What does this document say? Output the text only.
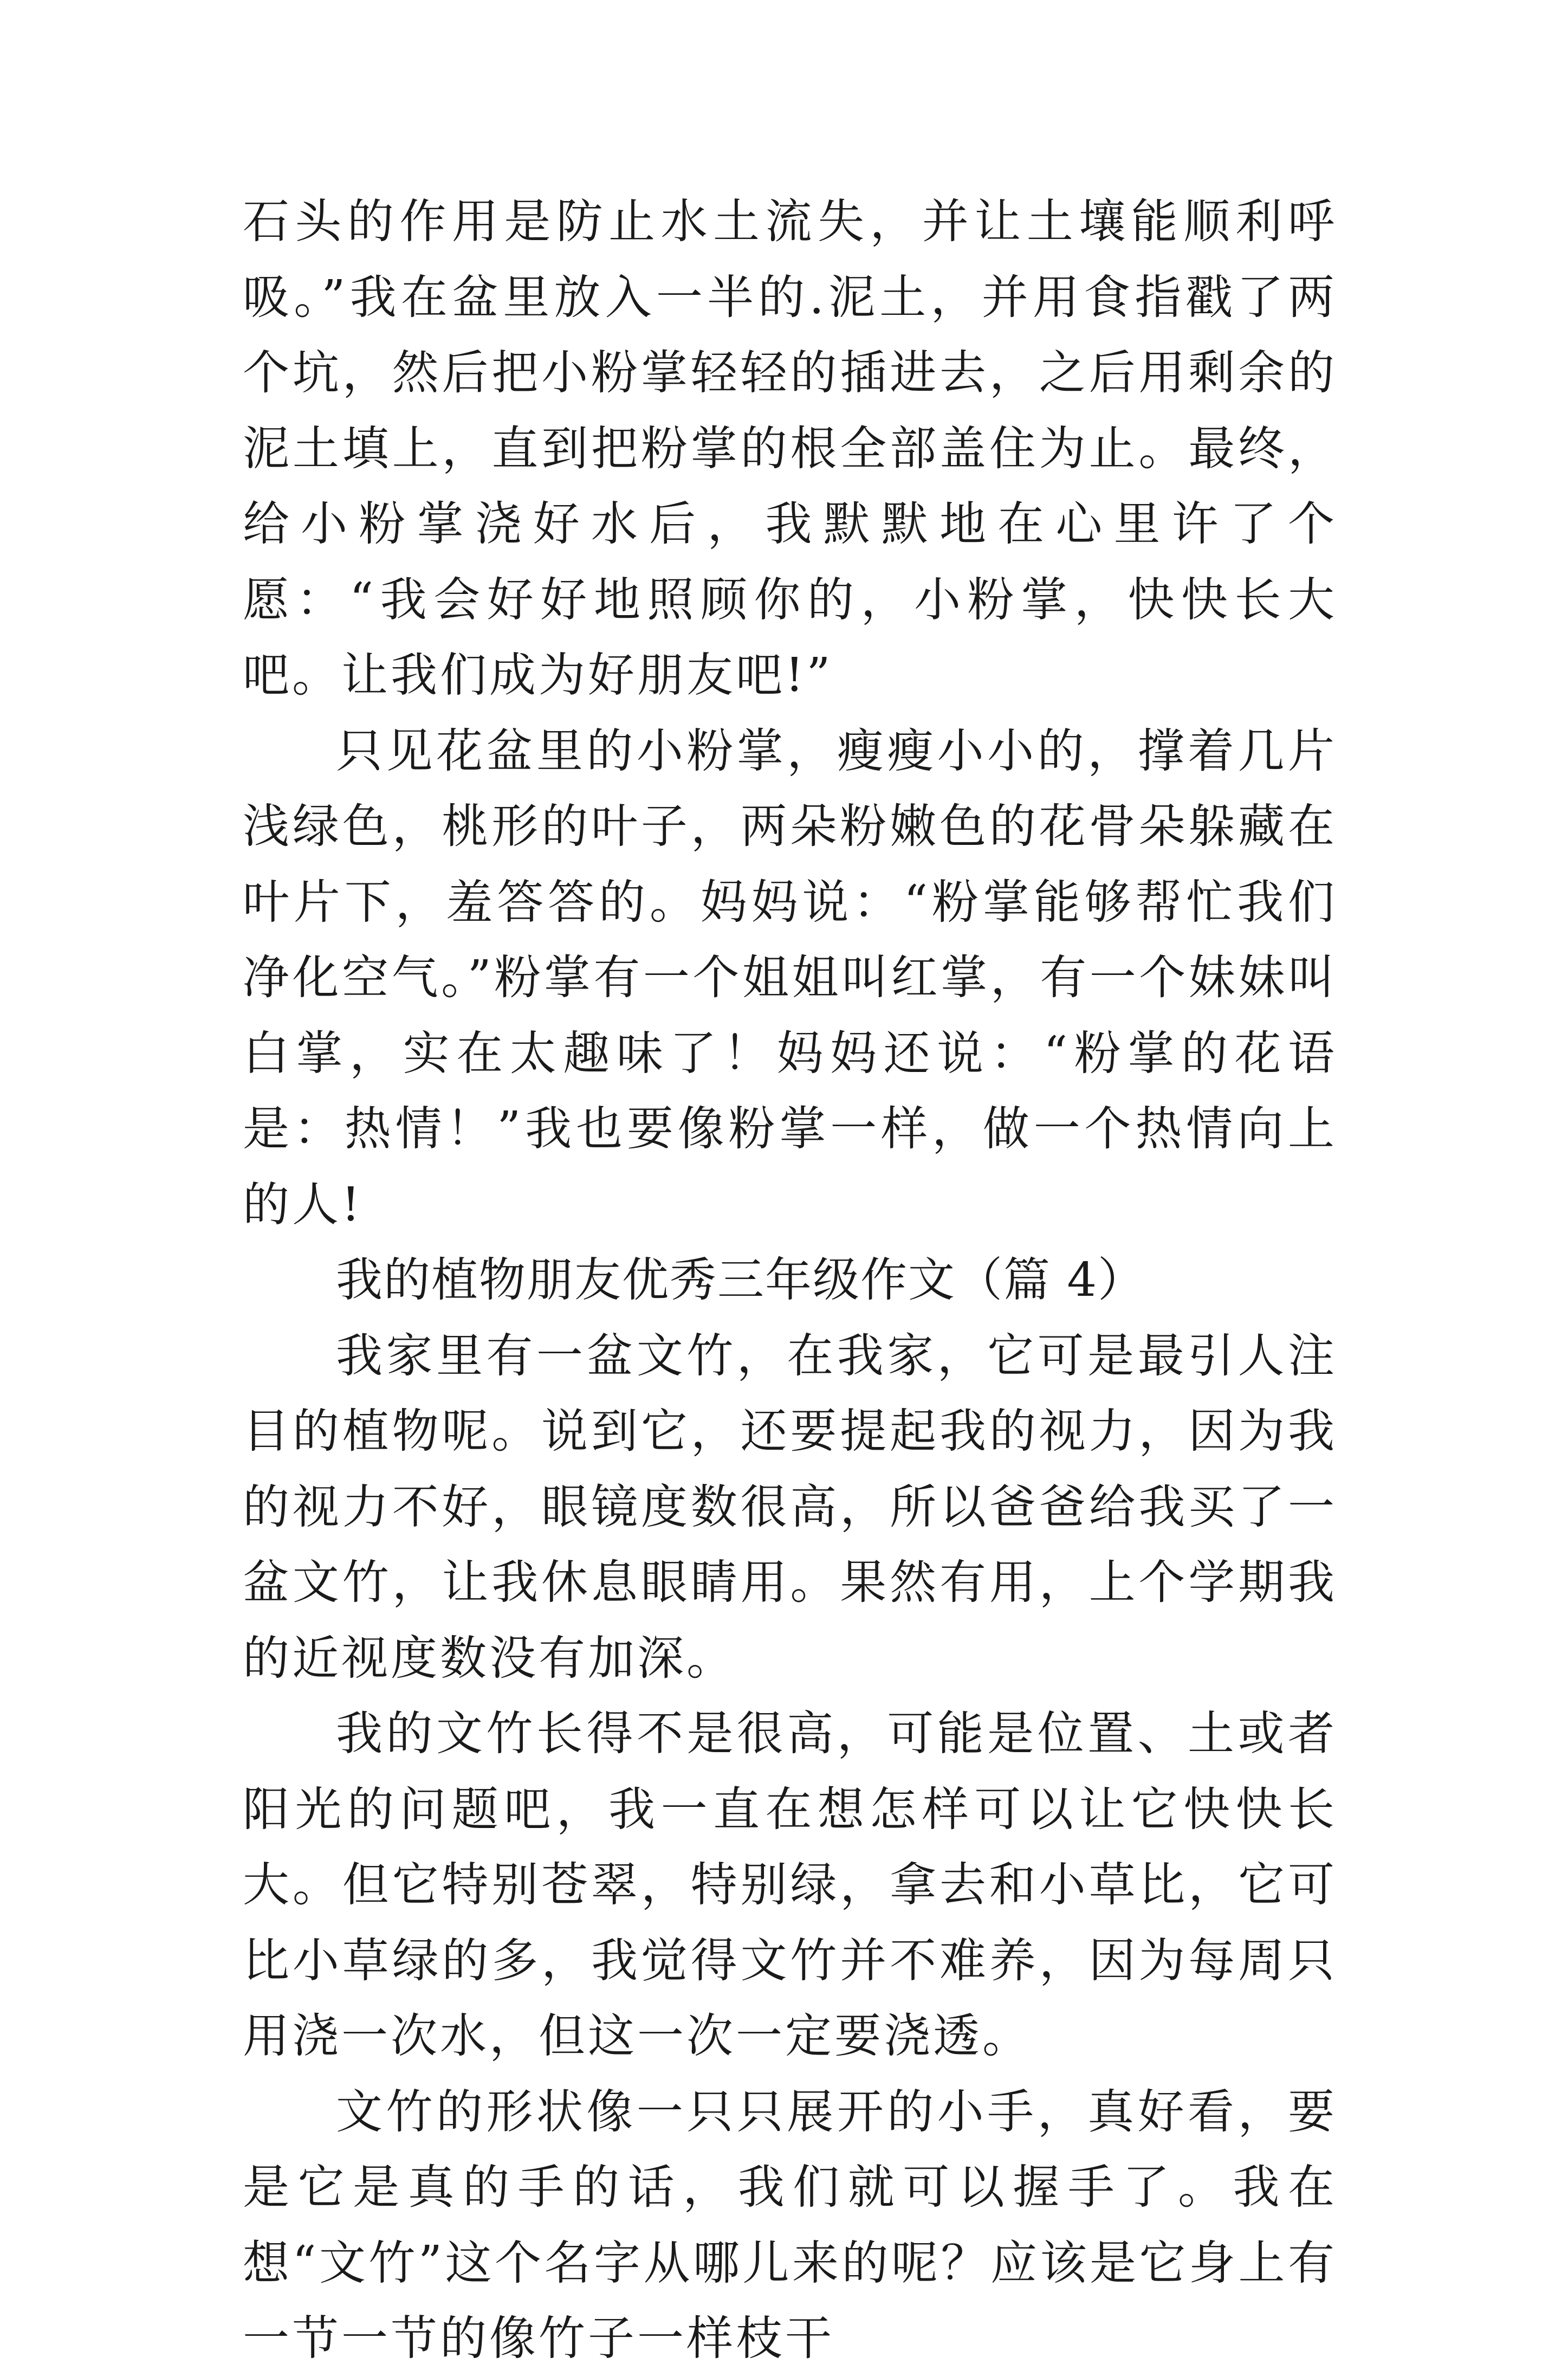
石头的作用是防止水土流失，并让土壤能顺利呼吸。”我在盆里放入一半的.泥土，并用食指戳了两个坑，然后把小粉掌轻轻的插进去，之后用剩余的泥土填上，直到把粉掌的根全部盖住为止。最终，给小粉掌浇好水后，我默默地在心里许了个愿：“我会好好地照顾你的，小粉掌，快快长大吧。让我们成为好朋友吧!”

只见花盆里的小粉掌，瘦瘦小小的，撑着几片浅绿色，桃形的叶子，两朵粉嫩色的花骨朵躲藏在叶片下，羞答答的。妈妈说：“粉掌能够帮忙我们净化空气。”粉掌有一个姐姐叫红掌，有一个妹妹叫白掌，实在太趣味了！妈妈还说：“粉掌的花语是：热情！”我也要像粉掌一样，做一个热情向上的人!

我的植物朋友优秀三年级作文（篇 4）

我家里有一盆文竹，在我家，它可是最引人注目的植物呢。说到它，还要提起我的视力，因为我的视力不好，眼镜度数很高，所以爸爸给我买了一盆文竹，让我休息眼睛用。果然有用，上个学期我的近视度数没有加深。

我的文竹长得不是很高，可能是位置、土或者阳光的问题吧，我一直在想怎样可以让它快快长大。但它特别苍翠，特别绿，拿去和小草比，它可比小草绿的多，我觉得文竹并不难养，因为每周只用浇一次水，但这一次一定要浇透。

文竹的形状像一只只展开的小手，真好看，要是它是真的手的话，我们就可以握手了。我在想“文竹”这个名字从哪儿来的呢？应该是它身上有一节一节的像竹子一样枝干
